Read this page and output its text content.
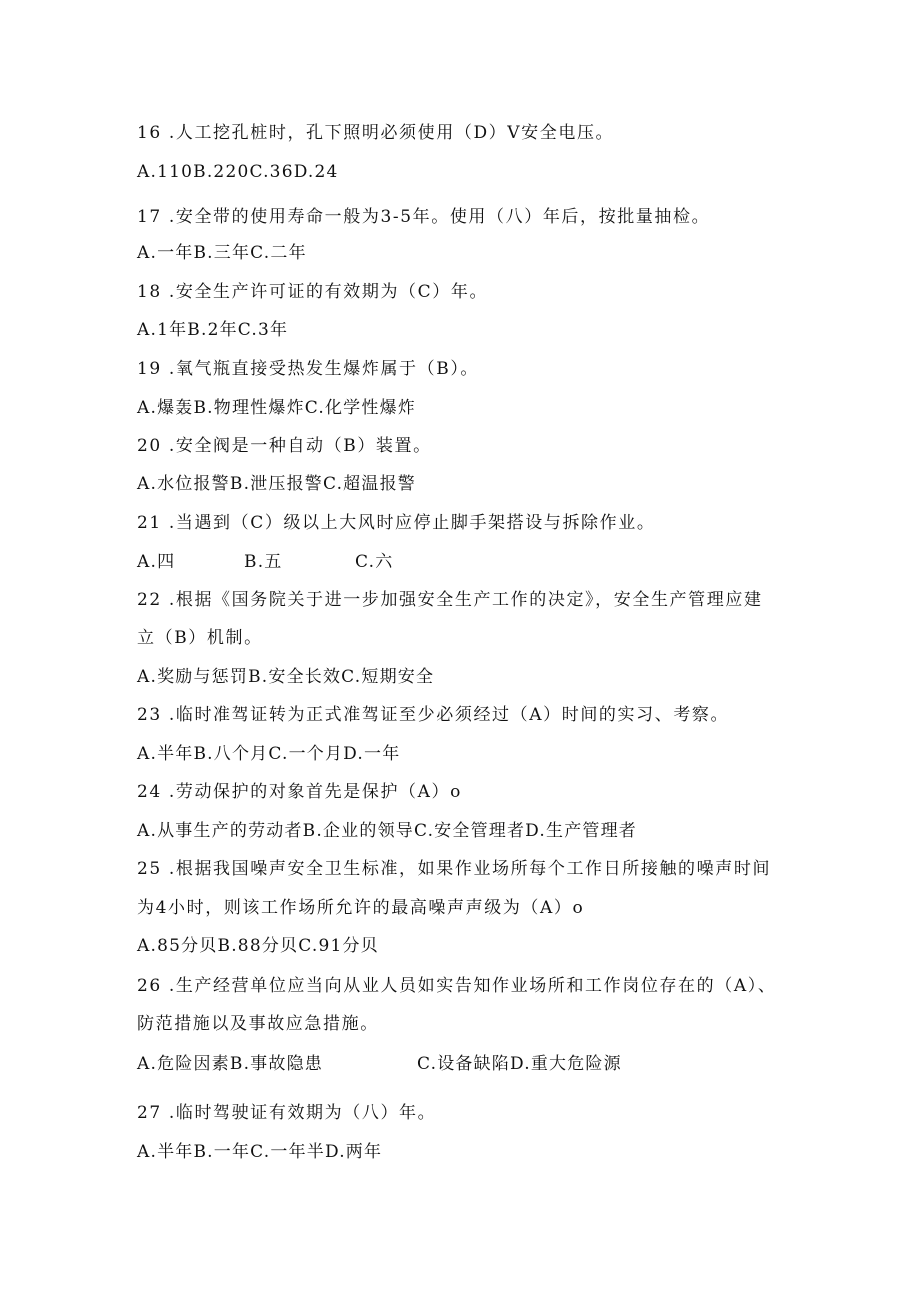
16 .人工挖孔桩时，孔下照明必须使用（D）V安全电压。
A.110B.220C.36D.24
17 .安全带的使用寿命一般为3-5年。使用（八）年后，按批量抽检。
A.一年B.三年C.二年
18 .安全生产许可证的有效期为（C）年。
A.1年B.2年C.3年
19 .氧气瓶直接受热发生爆炸属于（B）。
A.爆轰B.物理性爆炸C.化学性爆炸
20 .安全阀是一种自动（B）装置。
A.水位报警B.泄压报警C.超温报警
21 .当遇到（C）级以上大风时应停止脚手架搭设与拆除作业。
A.四	B.五	C.六
22 .根据《国务院关于进一步加强安全生产工作的决定》，安全生产管理应建
立（B）机制。
A.奖励与惩罚B.安全长效C.短期安全
23 .临时准驾证转为正式准驾证至少必须经过（A）时间的实习、考察。
A.半年B.八个月C.一个月D.一年
24 .劳动保护的对象首先是保护（A）o
A.从事生产的劳动者B.企业的领导C.安全管理者D.生产管理者
25 .根据我国噪声安全卫生标准，如果作业场所每个工作日所接触的噪声时间
为4小时，则该工作场所允许的最高噪声声级为（A）o
A.85分贝B.88分贝C.91分贝
26 .生产经营单位应当向从业人员如实告知作业场所和工作岗位存在的（A）、
防范措施以及事故应急措施。
A.危险因素B.事故隐患	C.设备缺陷D.重大危险源
27 .临时驾驶证有效期为（八）年。
A.半年B.一年C.一年半D.两年
